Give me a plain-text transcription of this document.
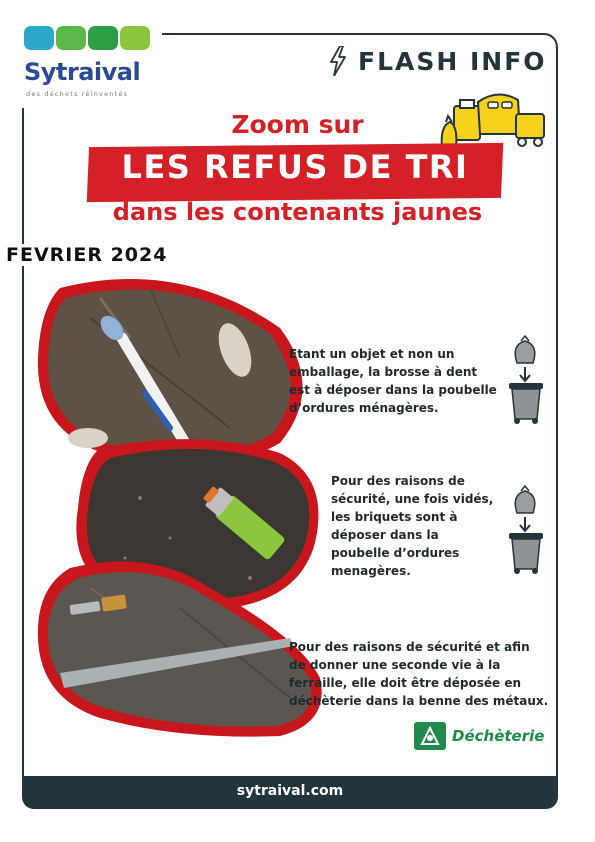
Sytraival
des déchets réinventés
FLASH INFO
Zoom sur
LES REFUS DE TRI
dans les contenants jaunes
FEVRIER 2024
Etant un objet et non un emballage, la brosse à dent est à déposer dans la poubelle d’ordures ménagères.
Pour des raisons de sécurité, une fois vidés, les briquets sont à déposer dans la poubelle d’ordures menagères.
Pour des raisons de sécurité et afin de donner une seconde vie à la ferraille, elle doit être déposée en déchèterie dans la benne des métaux.
Déchèterie
sytraival.com
